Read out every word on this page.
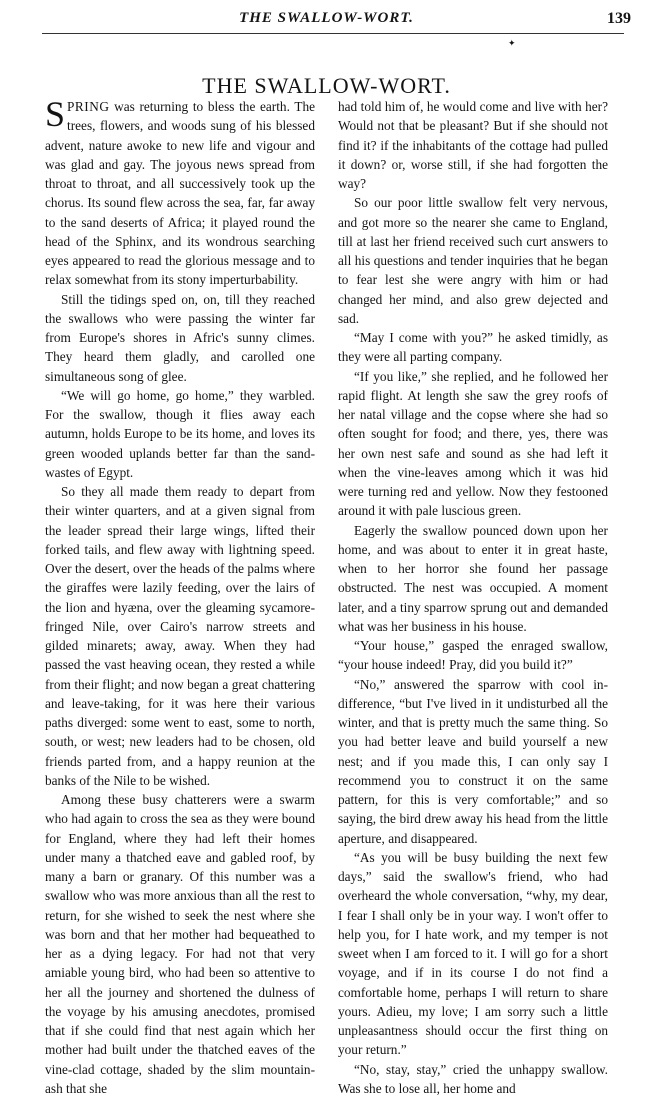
THE SWALLOW-WORT.	139
✦
THE SWALLOW-WORT.

SPRING was returning to bless the earth. The trees, flowers, and woods sung of his blessed advent, nature awoke to new life and vigour and was glad and gay. The joyous news spread from throat to throat, and all successively took up the chorus. Its sound flew across the sea, far, far away to the sand deserts of Africa; it played round the head of the Sphinx, and its wondrous searching eyes appeared to read the glorious message and to relax somewhat from its stony imperturbability.

Still the tidings sped on, on, till they reached the swallows who were passing the winter far from Europe's shores in Afric's sunny climes. They heard them gladly, and carolled one simultaneous song of glee.

“We will go home, go home,” they warbled. For the swallow, though it flies away each autumn, holds Europe to be its home, and loves its green wooded uplands better far than the sand-wastes of Egypt.

So they all made them ready to depart from their winter quarters, and at a given signal from the leader spread their large wings, lifted their forked tails, and flew away with lightning speed. Over the desert, over the heads of the palms where the giraffes were lazily feeding, over the lairs of the lion and hyæna, over the gleaming sycamore-fringed Nile, over Cairo's narrow streets and gilded minarets; away, away. When they had passed the vast heaving ocean, they rested a while from their flight; and now began a great chattering and leave-taking, for it was here their various paths diverged: some went to east, some to north, south, or west; new leaders had to be chosen, old friends parted from, and a happy reunion at the banks of the Nile to be wished.

Among these busy chatterers were a swarm who had again to cross the sea as they were bound for England, where they had left their homes under many a thatched eave and gabled roof, by many a barn or granary. Of this number was a swallow who was more anxious than all the rest to return, for she wished to seek the nest where she was born and that her mother had bequeathed to her as a dying legacy. For had not that very amiable young bird, who had been so attentive to her all the journey and shortened the dulness of the voyage by his amusing anecdotes, promised that if she could find that nest again which her mother had built under the thatched eaves of the vine-clad cottage, shaded by the slim mountain-ash that she

had told him of, he would come and live with her? Would not that be pleasant? But if she should not find it? if the inhabitants of the cottage had pulled it down? or, worse still, if she had forgotten the way?

So our poor little swallow felt very nervous, and got more so the nearer she came to England, till at last her friend received such curt answers to all his questions and tender inquiries that he began to fear lest she were angry with him or had changed her mind, and also grew dejected and sad.

“May I come with you?” he asked timidly, as they were all parting company.

“If you like,” she replied, and he followed her rapid flight. At length she saw the grey roofs of her natal village and the copse where she had so often sought for food; and there, yes, there was her own nest safe and sound as she had left it when the vine-leaves among which it was hid were turning red and yellow. Now they festooned around it with pale luscious green.

Eagerly the swallow pounced down upon her home, and was about to enter it in great haste, when to her horror she found her passage obstructed. The nest was occupied. A moment later, and a tiny sparrow sprung out and demanded what was her business in his house.

“Your house,” gasped the enraged swallow, “your house indeed! Pray, did you build it?”

“No,” answered the sparrow with cool indifference, “but I've lived in it undisturbed all the winter, and that is pretty much the same thing. So you had better leave and build yourself a new nest; and if you made this, I can only say I recommend you to construct it on the same pattern, for this is very comfortable;” and so saying, the bird drew away his head from the little aperture, and disappeared.

“As you will be busy building the next few days,” said the swallow's friend, who had overheard the whole conversation, “why, my dear, I fear I shall only be in your way. I won't offer to help you, for I hate work, and my temper is not sweet when I am forced to it. I will go for a short voyage, and if in its course I do not find a comfortable home, perhaps I will return to share yours. Adieu, my love; I am sorry such a little unpleasantness should occur the first thing on your return.”

“No, stay, stay,” cried the unhappy swallow. Was she to lose all, her home and
